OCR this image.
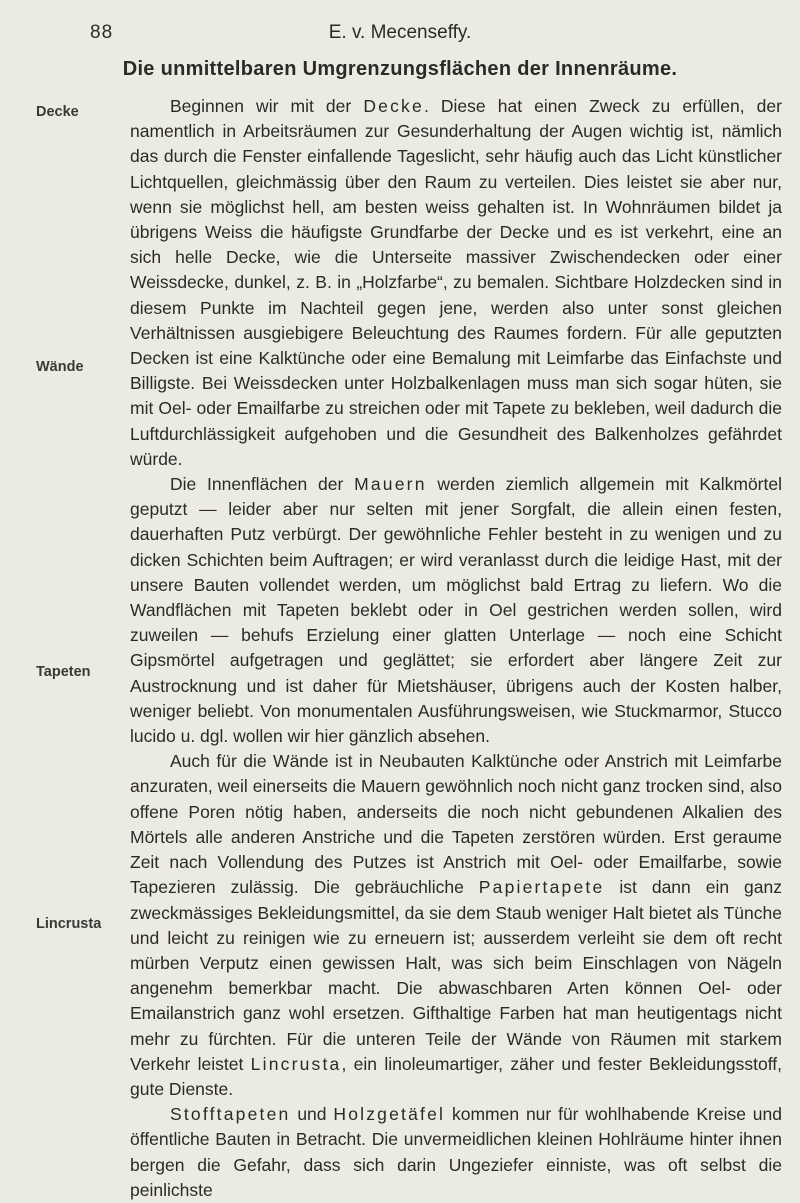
88	E. v. Mecenseffy.
Die unmittelbaren Umgrenzungsflächen der Innenräume.
Decke
Wände
Tapeten
Lincrusta

Beginnen wir mit der Decke. Diese hat einen Zweck zu erfüllen, der namentlich in Arbeitsräumen zur Gesunderhaltung der Augen wichtig ist, nämlich das durch die Fenster einfallende Tageslicht, sehr häufig auch das Licht künstlicher Lichtquellen, gleichmässig über den Raum zu verteilen. Dies leistet sie aber nur, wenn sie möglichst hell, am besten weiss gehalten ist. In Wohnräumen bildet ja übrigens Weiss die häufigste Grundfarbe der Decke und es ist verkehrt, eine an sich helle Decke, wie die Unterseite massiver Zwischendecken oder einer Weissdecke, dunkel, z. B. in „Holzfarbe“, zu bemalen. Sichtbare Holzdecken sind in diesem Punkte im Nachteil gegen jene, werden also unter sonst gleichen Verhältnissen ausgiebigere Beleuchtung des Raumes fordern. Für alle geputzten Decken ist eine Kalktünche oder eine Bemalung mit Leimfarbe das Einfachste und Billigste. Bei Weissdecken unter Holzbalkenlagen muss man sich sogar hüten, sie mit Oel- oder Emailfarbe zu streichen oder mit Tapete zu bekleben, weil dadurch die Luftdurchlässigkeit aufgehoben und die Gesundheit des Balkenholzes gefährdet würde.

Die Innenflächen der Mauern werden ziemlich allgemein mit Kalkmörtel geputzt — leider aber nur selten mit jener Sorgfalt, die allein einen festen, dauerhaften Putz verbürgt. Der gewöhnliche Fehler besteht in zu wenigen und zu dicken Schichten beim Auftragen; er wird veranlasst durch die leidige Hast, mit der unsere Bauten vollendet werden, um möglichst bald Ertrag zu liefern. Wo die Wandflächen mit Tapeten beklebt oder in Oel gestrichen werden sollen, wird zuweilen — behufs Erzielung einer glatten Unterlage — noch eine Schicht Gipsmörtel aufgetragen und geglättet; sie erfordert aber längere Zeit zur Austrocknung und ist daher für Mietshäuser, übrigens auch der Kosten halber, weniger beliebt. Von monumentalen Ausführungsweisen, wie Stuckmarmor, Stucco lucido u. dgl. wollen wir hier gänzlich absehen.

Auch für die Wände ist in Neubauten Kalktünche oder Anstrich mit Leimfarbe anzuraten, weil einerseits die Mauern gewöhnlich noch nicht ganz trocken sind, also offene Poren nötig haben, anderseits die noch nicht gebundenen Alkalien des Mörtels alle anderen Anstriche und die Tapeten zerstören würden. Erst geraume Zeit nach Vollendung des Putzes ist Anstrich mit Oel- oder Emailfarbe, sowie Tapezieren zulässig. Die gebräuchliche Papiertapete ist dann ein ganz zweckmässiges Bekleidungsmittel, da sie dem Staub weniger Halt bietet als Tünche und leicht zu reinigen wie zu erneuern ist; ausserdem verleiht sie dem oft recht mürben Verputz einen gewissen Halt, was sich beim Einschlagen von Nägeln angenehm bemerkbar macht. Die abwaschbaren Arten können Oel- oder Emailanstrich ganz wohl ersetzen. Gifthaltige Farben hat man heutigentags nicht mehr zu fürchten. Für die unteren Teile der Wände von Räumen mit starkem Verkehr leistet Lincrusta, ein linoleumartiger, zäher und fester Bekleidungsstoff, gute Dienste.

Stofftapeten und Holzgetäfel kommen nur für wohlhabende Kreise und öffentliche Bauten in Betracht. Die unvermeidlichen kleinen Hohlräume hinter ihnen bergen die Gefahr, dass sich darin Ungeziefer einniste, was oft selbst die peinlichste
